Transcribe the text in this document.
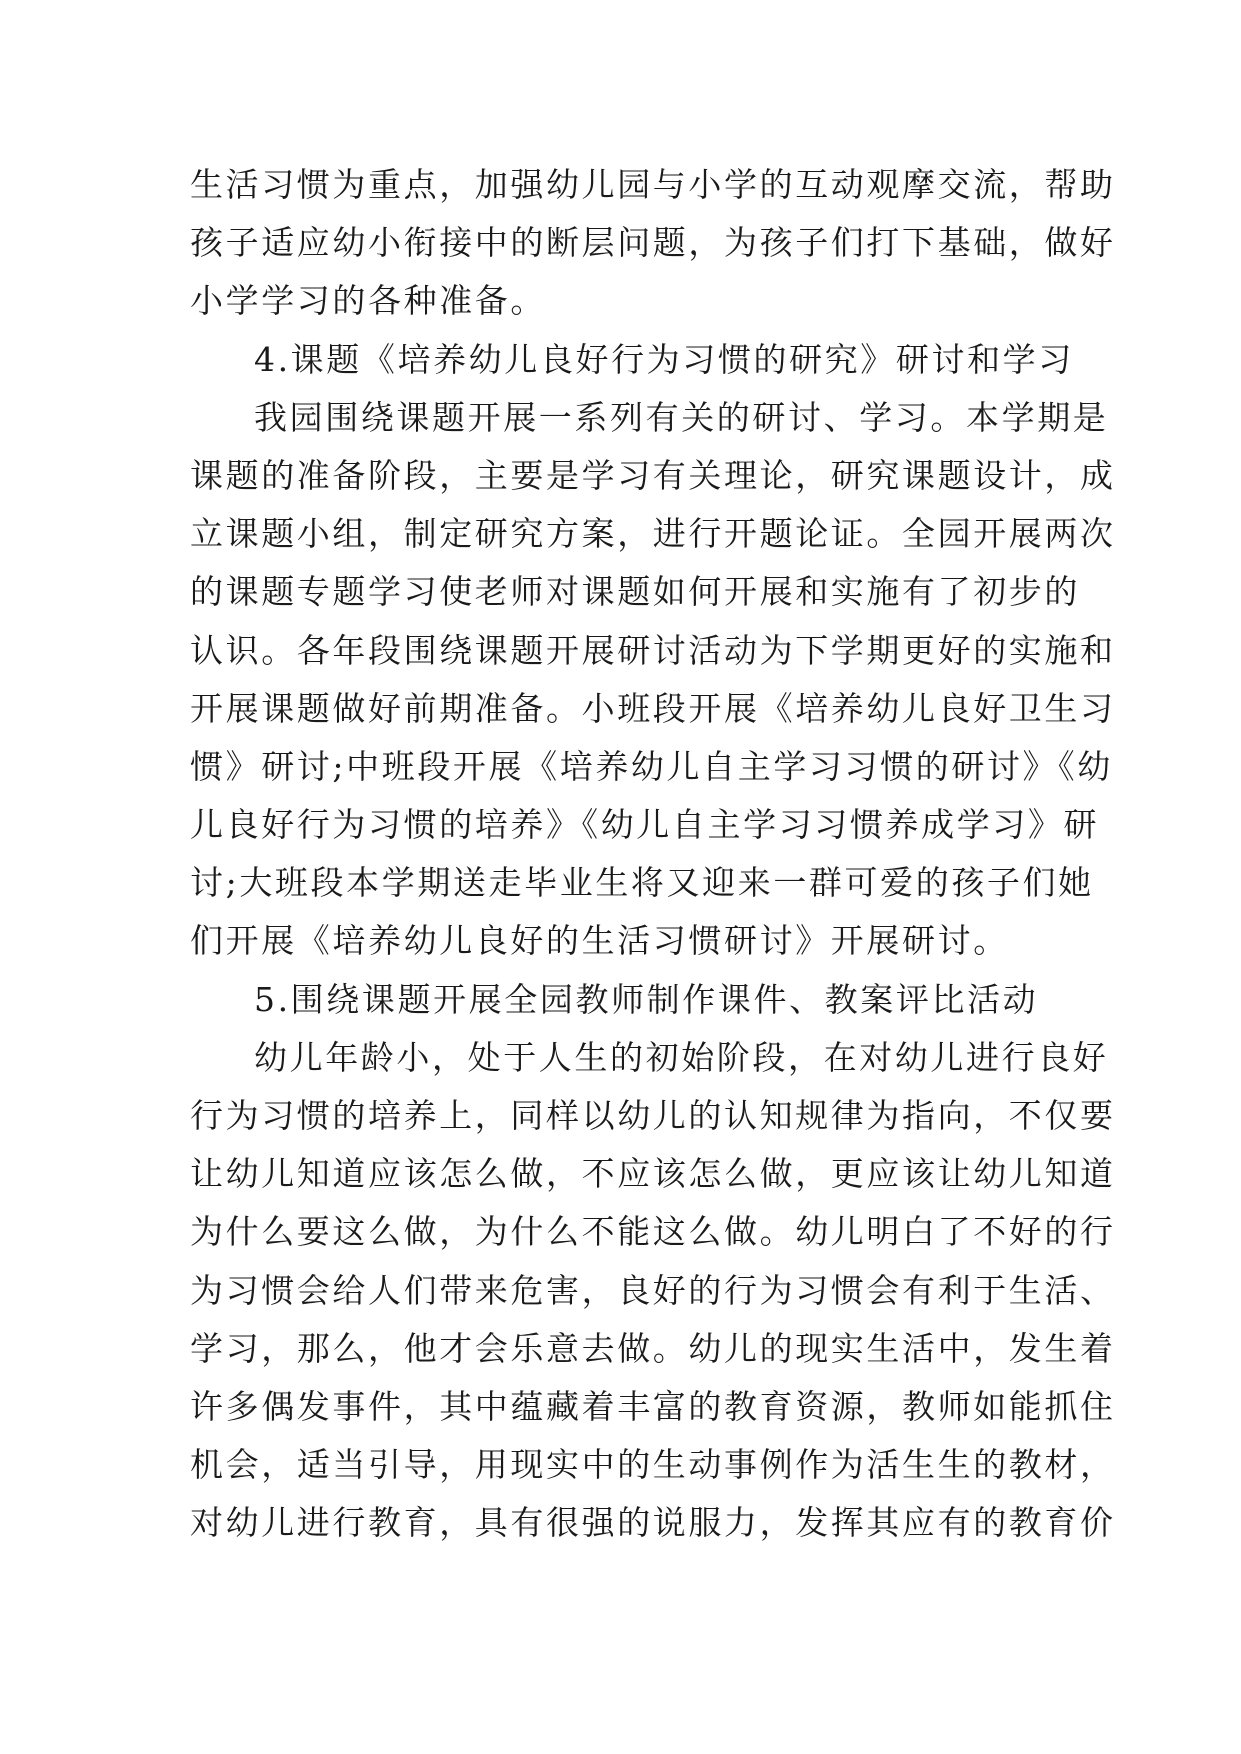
生活习惯为重点，加强幼儿园与小学的互动观摩交流，帮助
孩子适应幼小衔接中的断层问题，为孩子们打下基础，做好
小学学习的各种准备。
4.课题《培养幼儿良好行为习惯的研究》研讨和学习
我园围绕课题开展一系列有关的研讨、学习。本学期是
课题的准备阶段，主要是学习有关理论，研究课题设计，成
立课题小组，制定研究方案，进行开题论证。全园开展两次
的课题专题学习使老师对课题如何开展和实施有了初步的
认识。各年段围绕课题开展研讨活动为下学期更好的实施和
开展课题做好前期准备。小班段开展《培养幼儿良好卫生习
惯》研讨;中班段开展《培养幼儿自主学习习惯的研讨》《幼
儿良好行为习惯的培养》《幼儿自主学习习惯养成学习》研
讨;大班段本学期送走毕业生将又迎来一群可爱的孩子们她
们开展《培养幼儿良好的生活习惯研讨》开展研讨。
5.围绕课题开展全园教师制作课件、教案评比活动
幼儿年龄小，处于人生的初始阶段，在对幼儿进行良好
行为习惯的培养上，同样以幼儿的认知规律为指向，不仅要
让幼儿知道应该怎么做，不应该怎么做，更应该让幼儿知道
为什么要这么做，为什么不能这么做。幼儿明白了不好的行
为习惯会给人们带来危害，良好的行为习惯会有利于生活、
学习，那么，他才会乐意去做。幼儿的现实生活中，发生着
许多偶发事件，其中蕴藏着丰富的教育资源，教师如能抓住
机会，适当引导，用现实中的生动事例作为活生生的教材，
对幼儿进行教育，具有很强的说服力，发挥其应有的教育价
